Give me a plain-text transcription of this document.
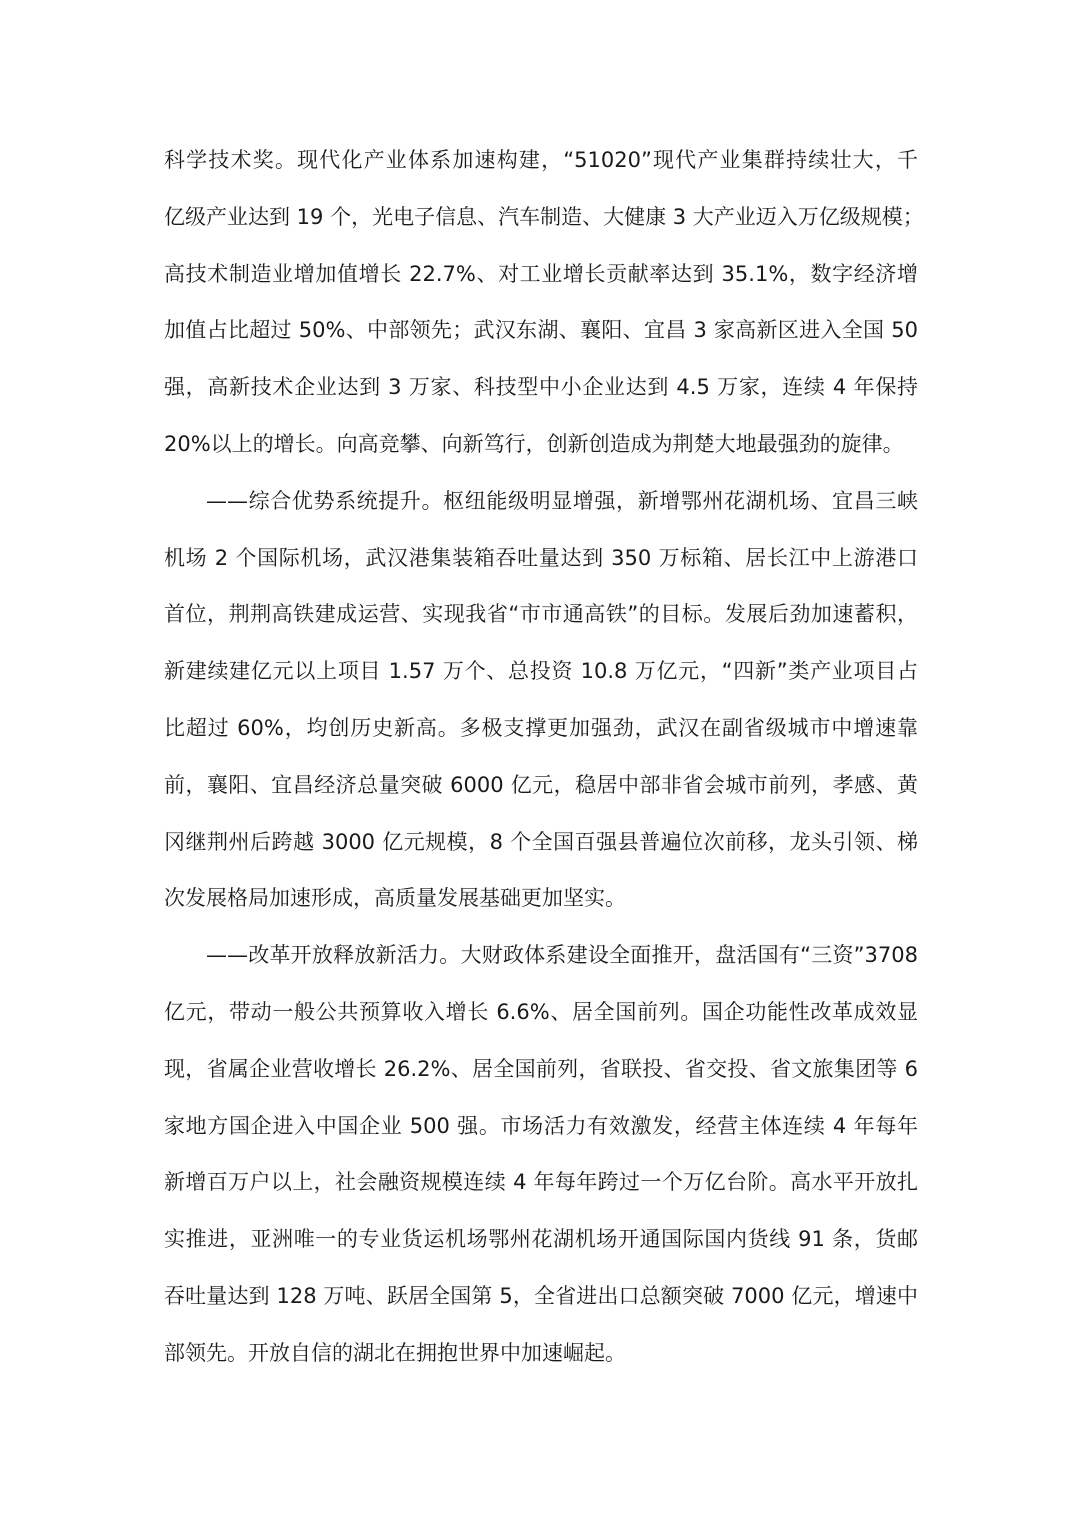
科学技术奖。现代化产业体系加速构建，“51020”现代产业集群持续壮大，千
亿级产业达到 19 个，光电子信息、汽车制造、大健康 3 大产业迈入万亿级规模；
高技术制造业增加值增长 22.7%、对工业增长贡献率达到 35.1%，数字经济增
加值占比超过 50%、中部领先；武汉东湖、襄阳、宜昌 3 家高新区进入全国 50
强，高新技术企业达到 3 万家、科技型中小企业达到 4.5 万家，连续 4 年保持
20%以上的增长。向高竞攀、向新笃行，创新创造成为荆楚大地最强劲的旋律。

——综合优势系统提升。枢纽能级明显增强，新增鄂州花湖机场、宜昌三峡
机场 2 个国际机场，武汉港集装箱吞吐量达到 350 万标箱、居长江中上游港口
首位，荆荆高铁建成运营、实现我省“市市通高铁”的目标。发展后劲加速蓄积，
新建续建亿元以上项目 1.57 万个、总投资 10.8 万亿元，“四新”类产业项目占
比超过 60%，均创历史新高。多极支撑更加强劲，武汉在副省级城市中增速靠
前，襄阳、宜昌经济总量突破 6000 亿元，稳居中部非省会城市前列，孝感、黄
冈继荆州后跨越 3000 亿元规模，8 个全国百强县普遍位次前移，龙头引领、梯
次发展格局加速形成，高质量发展基础更加坚实。

——改革开放释放新活力。大财政体系建设全面推开，盘活国有“三资”3708
亿元，带动一般公共预算收入增长 6.6%、居全国前列。国企功能性改革成效显
现，省属企业营收增长 26.2%、居全国前列，省联投、省交投、省文旅集团等 6
家地方国企进入中国企业 500 强。市场活力有效激发，经营主体连续 4 年每年
新增百万户以上，社会融资规模连续 4 年每年跨过一个万亿台阶。高水平开放扎
实推进，亚洲唯一的专业货运机场鄂州花湖机场开通国际国内货线 91 条，货邮
吞吐量达到 128 万吨、跃居全国第 5，全省进出口总额突破 7000 亿元，增速中
部领先。开放自信的湖北在拥抱世界中加速崛起。
